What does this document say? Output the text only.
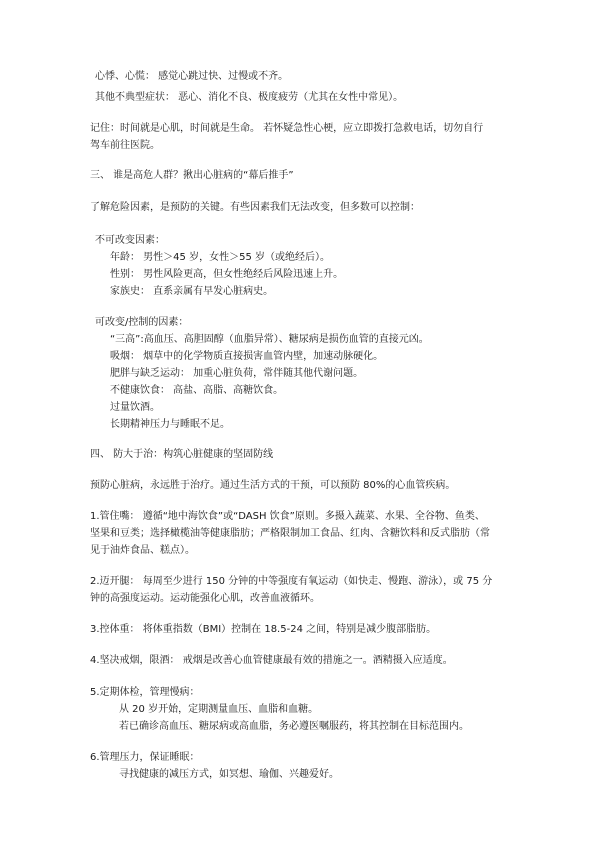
心悸、心慌： 感觉心跳过快、过慢或不齐。
其他不典型症状： 恶心、消化不良、极度疲劳（尤其在女性中常见）。
记住：时间就是心肌，时间就是生命。 若怀疑急性心梗，应立即拨打急救电话，切勿自行
驾车前往医院。
三、 谁是高危人群？揪出心脏病的“幕后推手”
了解危险因素，是预防的关键。有些因素我们无法改变，但多数可以控制：
不可改变因素：
年龄： 男性＞45 岁，女性＞55 岁（或绝经后）。
性别： 男性风险更高，但女性绝经后风险迅速上升。
家族史： 直系亲属有早发心脏病史。
可改变/控制的因素：
“三高”:高血压、高胆固醇（血脂异常）、糖尿病是损伤血管的直接元凶。
吸烟： 烟草中的化学物质直接损害血管内壁，加速动脉硬化。
肥胖与缺乏运动： 加重心脏负荷，常伴随其他代谢问题。
不健康饮食： 高盐、高脂、高糖饮食。
过量饮酒。
长期精神压力与睡眠不足。
四、 防大于治：构筑心脏健康的坚固防线
预防心脏病，永远胜于治疗。通过生活方式的干预，可以预防 80%的心血管疾病。
1.管住嘴： 遵循“地中海饮食”或“DASH 饮食”原则。多摄入蔬菜、水果、全谷物、鱼类、
坚果和豆类；选择橄榄油等健康脂肪；严格限制加工食品、红肉、含糖饮料和反式脂肪（常
见于油炸食品、糕点）。
2.迈开腿： 每周至少进行 150 分钟的中等强度有氧运动（如快走、慢跑、游泳），或 75 分
钟的高强度运动。运动能强化心肌，改善血液循环。
3.控体重： 将体重指数（BMI）控制在 18.5-24 之间，特别是减少腹部脂肪。
4.坚决戒烟，限酒： 戒烟是改善心血管健康最有效的措施之一。酒精摄入应适度。
5.定期体检，管理慢病：
从 20 岁开始，定期测量血压、血脂和血糖。
若已确诊高血压、糖尿病或高血脂，务必遵医嘱服药，将其控制在目标范围内。
6.管理压力，保证睡眠：
寻找健康的减压方式，如冥想、瑜伽、兴趣爱好。
